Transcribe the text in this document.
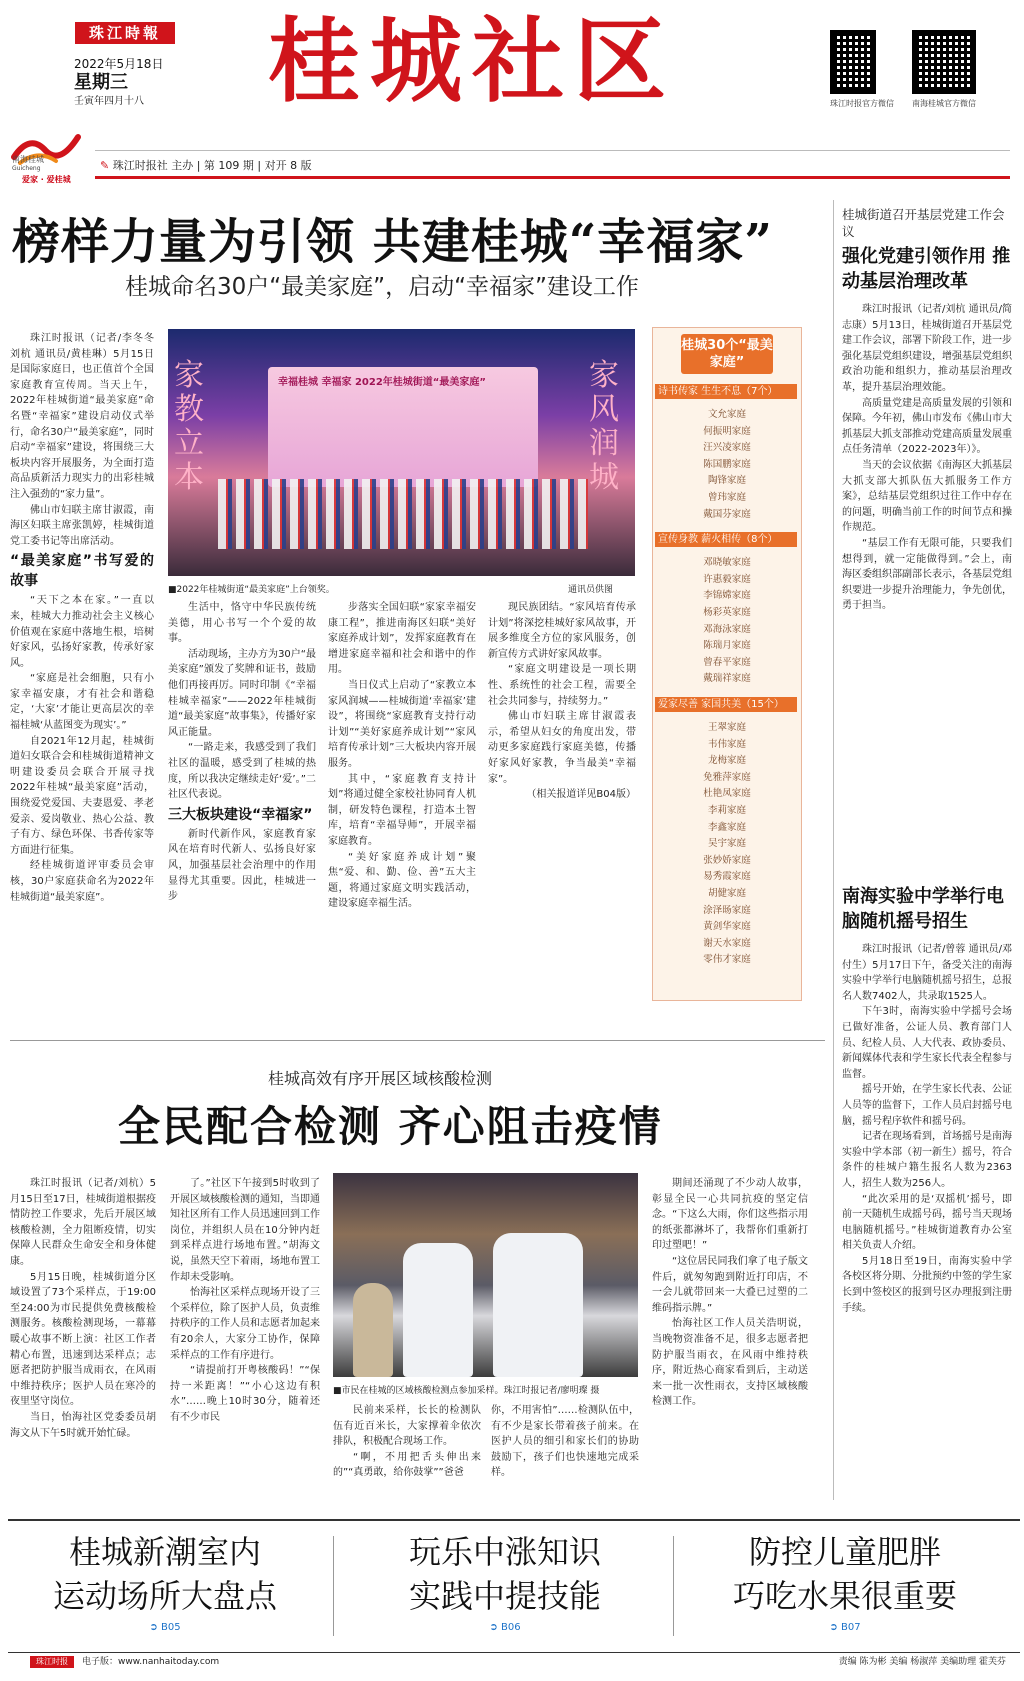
珠江時報
2022年5月18日
星期三
壬寅年四月十八 桂城社区	珠江时报官方微信 南海桂城官方微信
南海桂城
Guicheng
爱家 · 爱桂城
✎ 珠江时报社 主办 | 第 109 期 | 对开 8 版
榜样力量为引领 共建桂城“幸福家”
桂城命名30户“最美家庭”，启动“幸福家”建设工作

珠江时报讯（记者/李冬冬 刘杭 通讯员/黄桂琳）5月15日是国际家庭日，也正值首个全国家庭教育宣传周。当天上午，2022年桂城街道“最美家庭”命名暨“幸福家”建设启动仪式举行，命名30户“最美家庭”，同时启动“幸福家”建设，将围绕三大板块内容开展服务，为全面打造高品质新活力现实力的出彩桂城注入强劲的“家力量”。

佛山市妇联主席甘淑霞，南海区妇联主席张凯婷，桂城街道党工委书记等出席活动。

“最美家庭”书写爱的故事

“天下之本在家。”一直以来，桂城大力推动社会主义核心价值观在家庭中落地生根，培树好家风，弘扬好家教，传承好家风。

“家庭是社会细胞，只有小家幸福安康，才有社会和谐稳定，‘大家’才能让更高层次的幸福桂城‘从蓝图变为现实’。”

自2021年12月起，桂城街道妇女联合会和桂城街道精神文明建设委员会联合开展寻找2022年桂城“最美家庭”活动，围绕爱党爱国、夫妻恩爱、孝老爱亲、爱岗敬业、热心公益、教子有方、绿色环保、书香传家等方面进行征集。

经桂城街道评审委员会审核，30户家庭获命名为2022年桂城街道“最美家庭”。

家教立本
家风润城
幸福桂城 幸福家 2022年桂城街道“最美家庭”
■2022年桂城街道“最美家庭”上台领奖。	通讯员供图

生活中，恪守中华民族传统美德，用心书写一个个爱的故事。

活动现场，主办方为30户“最美家庭”颁发了奖牌和证书，鼓励他们再接再厉。同时印制《“幸福桂城幸福家”——2022年桂城街道“最美家庭”故事集》，传播好家风正能量。

“一路走来，我感受到了我们社区的温暖，感受到了桂城的热度，所以我决定继续走好‘爱’。”二社区代表说。

三大板块建设“幸福家”

新时代新作风，家庭教育家风在培育时代新人、弘扬良好家风，加强基层社会治理中的作用显得尤其重要。因此，桂城进一步

步落实全国妇联“家家幸福安康工程”，推进南海区妇联“美好家庭养成计划”，发挥家庭教育在增进家庭幸福和社会和谐中的作用。

当日仪式上启动了“家教立本 家风润城——桂城街道‘幸福家’建设”，将围绕“家庭教育支持行动计划”“美好家庭养成计划”“家风培育传承计划”三大板块内容开展服务。

其中，“家庭教育支持计划”将通过健全家校社协同育人机制，研发特色课程，打造本土智库，培育“幸福导师”，开展幸福家庭教育。

“美好家庭养成计划”聚焦“爱、和、勤、俭、善”五大主题，将通过家庭文明实践活动，建设家庭幸福生活。

现民族团结。“家风培育传承计划”将深挖桂城好家风故事，开展多维度全方位的家风服务，创新宣传方式讲好家风故事。

“家庭文明建设是一项长期性、系统性的社会工程，需要全社会共同参与，持续努力。”

佛山市妇联主席甘淑霞表示，希望从妇女的角度出发，带动更多家庭践行家庭美德，传播好家风好家教，争当最美“幸福家”。

（相关报道详见B04版）

桂城30个“最美家庭”
诗书传家 生生不息（7个）
文允家庭
何振明家庭
汪兴凌家庭
陈国鹏家庭
陶锋家庭
曾玮家庭
戴国芬家庭
宣传身教 薪火相传（8个）
邓晓敏家庭
许惠毅家庭
李锦嫦家庭
杨彩英家庭
邓海泳家庭
陈瑞月家庭
曾春平家庭
戴瑞祥家庭
爱家尽善 家国共美（15个）
王翠家庭
韦伟家庭
龙梅家庭
免雅萍家庭
杜艳凤家庭
李莉家庭
李鑫家庭
吴宇家庭
张妙娇家庭
易秀霞家庭
胡健家庭
涂泽旸家庭
黄剑华家庭
谢天水家庭
零伟才家庭
桂城街道召开基层党建工作会议
强化党建引领作用 推动基层治理改革

珠江时报讯（记者/刘杭 通讯员/简志康）5月13日，桂城街道召开基层党建工作会议，部署下阶段工作，进一步强化基层党组织建设，增强基层党组织政治功能和组织力，推动基层治理改革，提升基层治理效能。

高质量党建是高质量发展的引领和保障。今年初，佛山市发布《佛山市大抓基层大抓支部推动党建高质量发展重点任务清单（2022-2023年）》。

当天的会议依据《南海区大抓基层大抓支部大抓队伍大抓服务工作方案》，总结基层党组织过往工作中存在的问题，明确当前工作的时间节点和操作规范。

“基层工作有无限可能，只要我们想得到，就一定能做得到。”会上，南海区委组织部副部长表示，各基层党组织要进一步提升治理能力，争先创优，勇于担当。

南海实验中学举行电脑随机摇号招生

珠江时报讯（记者/曾蓉 通讯员/邓付生）5月17日下午，备受关注的南海实验中学举行电脑随机摇号招生，总报名人数7402人，共录取1525人。

下午3时，南海实验中学摇号会场已做好准备，公证人员、教育部门人员、纪检人员、人大代表、政协委员、新闻媒体代表和学生家长代表全程参与监督。

摇号开始，在学生家长代表、公证人员等的监督下，工作人员启封摇号电脑，摇号程序软件和摇号码。

记者在现场看到，首场摇号是南海实验中学本部（初一新生）摇号，符合条件的桂城户籍生报名人数为2363人，招生人数为256人。

“此次采用的是‘双摇机’摇号，即前一天随机生成摇号码，摇号当天现场电脑随机摇号。”桂城街道教育办公室相关负责人介绍。

5月18日至19日，南海实验中学各校区将分期、分批预约中签的学生家长到中签校区的报到号区办理报到注册手续。

桂城高效有序开展区域核酸检测
全民配合检测 齐心阻击疫情

珠江时报讯（记者/刘杭）5月15日至17日，桂城街道根据疫情防控工作要求，先后开展区域核酸检测，全力阻断疫情，切实保障人民群众生命安全和身体健康。

5月15日晚，桂城街道分区域设置了73个采样点，于19:00至24:00为市民提供免费核酸检测服务。核酸检测现场，一幕幕暖心故事不断上演：社区工作者精心布置，迅速到达采样点；志愿者把防护服当成雨衣，在风雨中维持秩序；医护人员在寒冷的夜里坚守岗位。

当日，怡海社区党委委员胡海文从下午5时就开始忙碌。

了。”社区下午接到5时收到了开展区域核酸检测的通知，当即通知社区所有工作人员迅速回到工作岗位，并组织人员在10分钟内赶到采样点进行场地布置。”胡海文说，虽然天空下着雨，场地布置工作却未受影响。

怡海社区采样点现场开设了三个采样位，除了医护人员，负责维持秩序的工作人员和志愿者加起来有20余人，大家分工协作，保障采样点的工作有序进行。

“请提前打开粤核酸码！”“保持一米距离！”“小心这边有积水”……晚上10时30分，随着还有不少市民

■市民在桂城的区域核酸检测点参加采样。珠江时报记者/廖明璨 摄

民前来采样，长长的检测队伍有近百米长，大家撑着伞依次排队，积极配合现场工作。

“啊，不用把舌头伸出来的”“真勇敢，给你鼓掌””爸爸

你，不用害怕”……检测队伍中，有不少是家长带着孩子前来。在医护人员的细引和家长们的协助鼓励下，孩子们也快速地完成采样。

期间还涌现了不少动人故事，彰显全民一心共同抗疫的坚定信念。“下这么大雨，你们这些指示用的纸张都淋坏了，我帮你们重新打印过塑吧！”

“这位居民同我们拿了电子版文件后，就匆匆跑到附近打印店，不一会儿就带回来一大叠已过塑的二维码指示牌。”

怡海社区工作人员关浩明说，当晚物资准备不足，很多志愿者把防护服当雨衣，在风雨中维持秩序，附近热心商家看到后，主动送来一批一次性雨衣，支持区域核酸检测工作。

桂城新潮室内
运动场所大盘点
➲ B05
玩乐中涨知识
实践中提技能
➲ B06
防控儿童肥胖
巧吃水果很重要
➲ B07
珠江时报	电子版：www.nanhaitoday.com	责编 陈为彬 美编 杨淑萍 美编助理 霍芙芬
